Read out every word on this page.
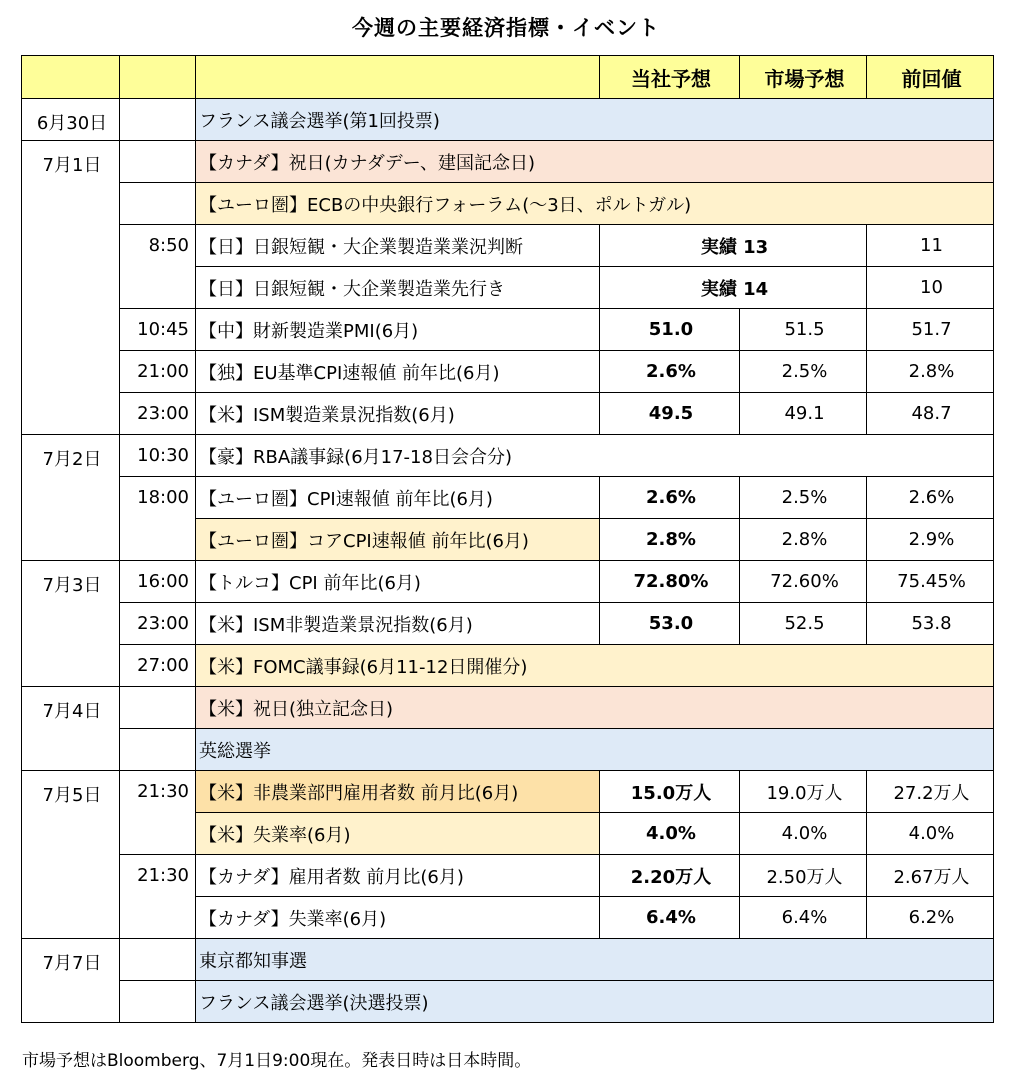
今週の主要経済指標・イベント
			当社予想	市場予想	前回値
6月30日		フランス議会選挙(第1回投票)			
7月1日		【カナダ】祝日(カナダデー、建国記念日)			
		【ユーロ圏】ECBの中央銀行フォーラム(～3日、ポルトガル)			
	8:50	【日】日銀短観・大企業製造業業況判断	実績 13		11
		【日】日銀短観・大企業製造業先行き	実績 14		10
	10:45	【中】財新製造業PMI(6月)	51.0	51.5	51.7
	21:00	【独】EU基準CPI速報値 前年比(6月)	2.6%	2.5%	2.8%
	23:00	【米】ISM製造業景況指数(6月)	49.5	49.1	48.7
7月2日	10:30	【豪】RBA議事録(6月17-18日会合分)			
	18:00	【ユーロ圏】CPI速報値 前年比(6月)	2.6%	2.5%	2.6%
		【ユーロ圏】コアCPI速報値 前年比(6月)	2.8%	2.8%	2.9%
7月3日	16:00	【トルコ】CPI 前年比(6月)	72.80%	72.60%	75.45%
	23:00	【米】ISM非製造業景況指数(6月)	53.0	52.5	53.8
	27:00	【米】FOMC議事録(6月11-12日開催分)			
7月4日		【米】祝日(独立記念日)			
		英総選挙			
7月5日	21:30	【米】非農業部門雇用者数 前月比(6月)	15.0万人	19.0万人	27.2万人
		【米】失業率(6月)	4.0%	4.0%	4.0%
	21:30	【カナダ】雇用者数 前月比(6月)	2.20万人	2.50万人	2.67万人
		【カナダ】失業率(6月)	6.4%	6.4%	6.2%
7月7日		東京都知事選			
		フランス議会選挙(決選投票)			
市場予想はBloomberg、7月1日9:00現在。発表日時は日本時間。
